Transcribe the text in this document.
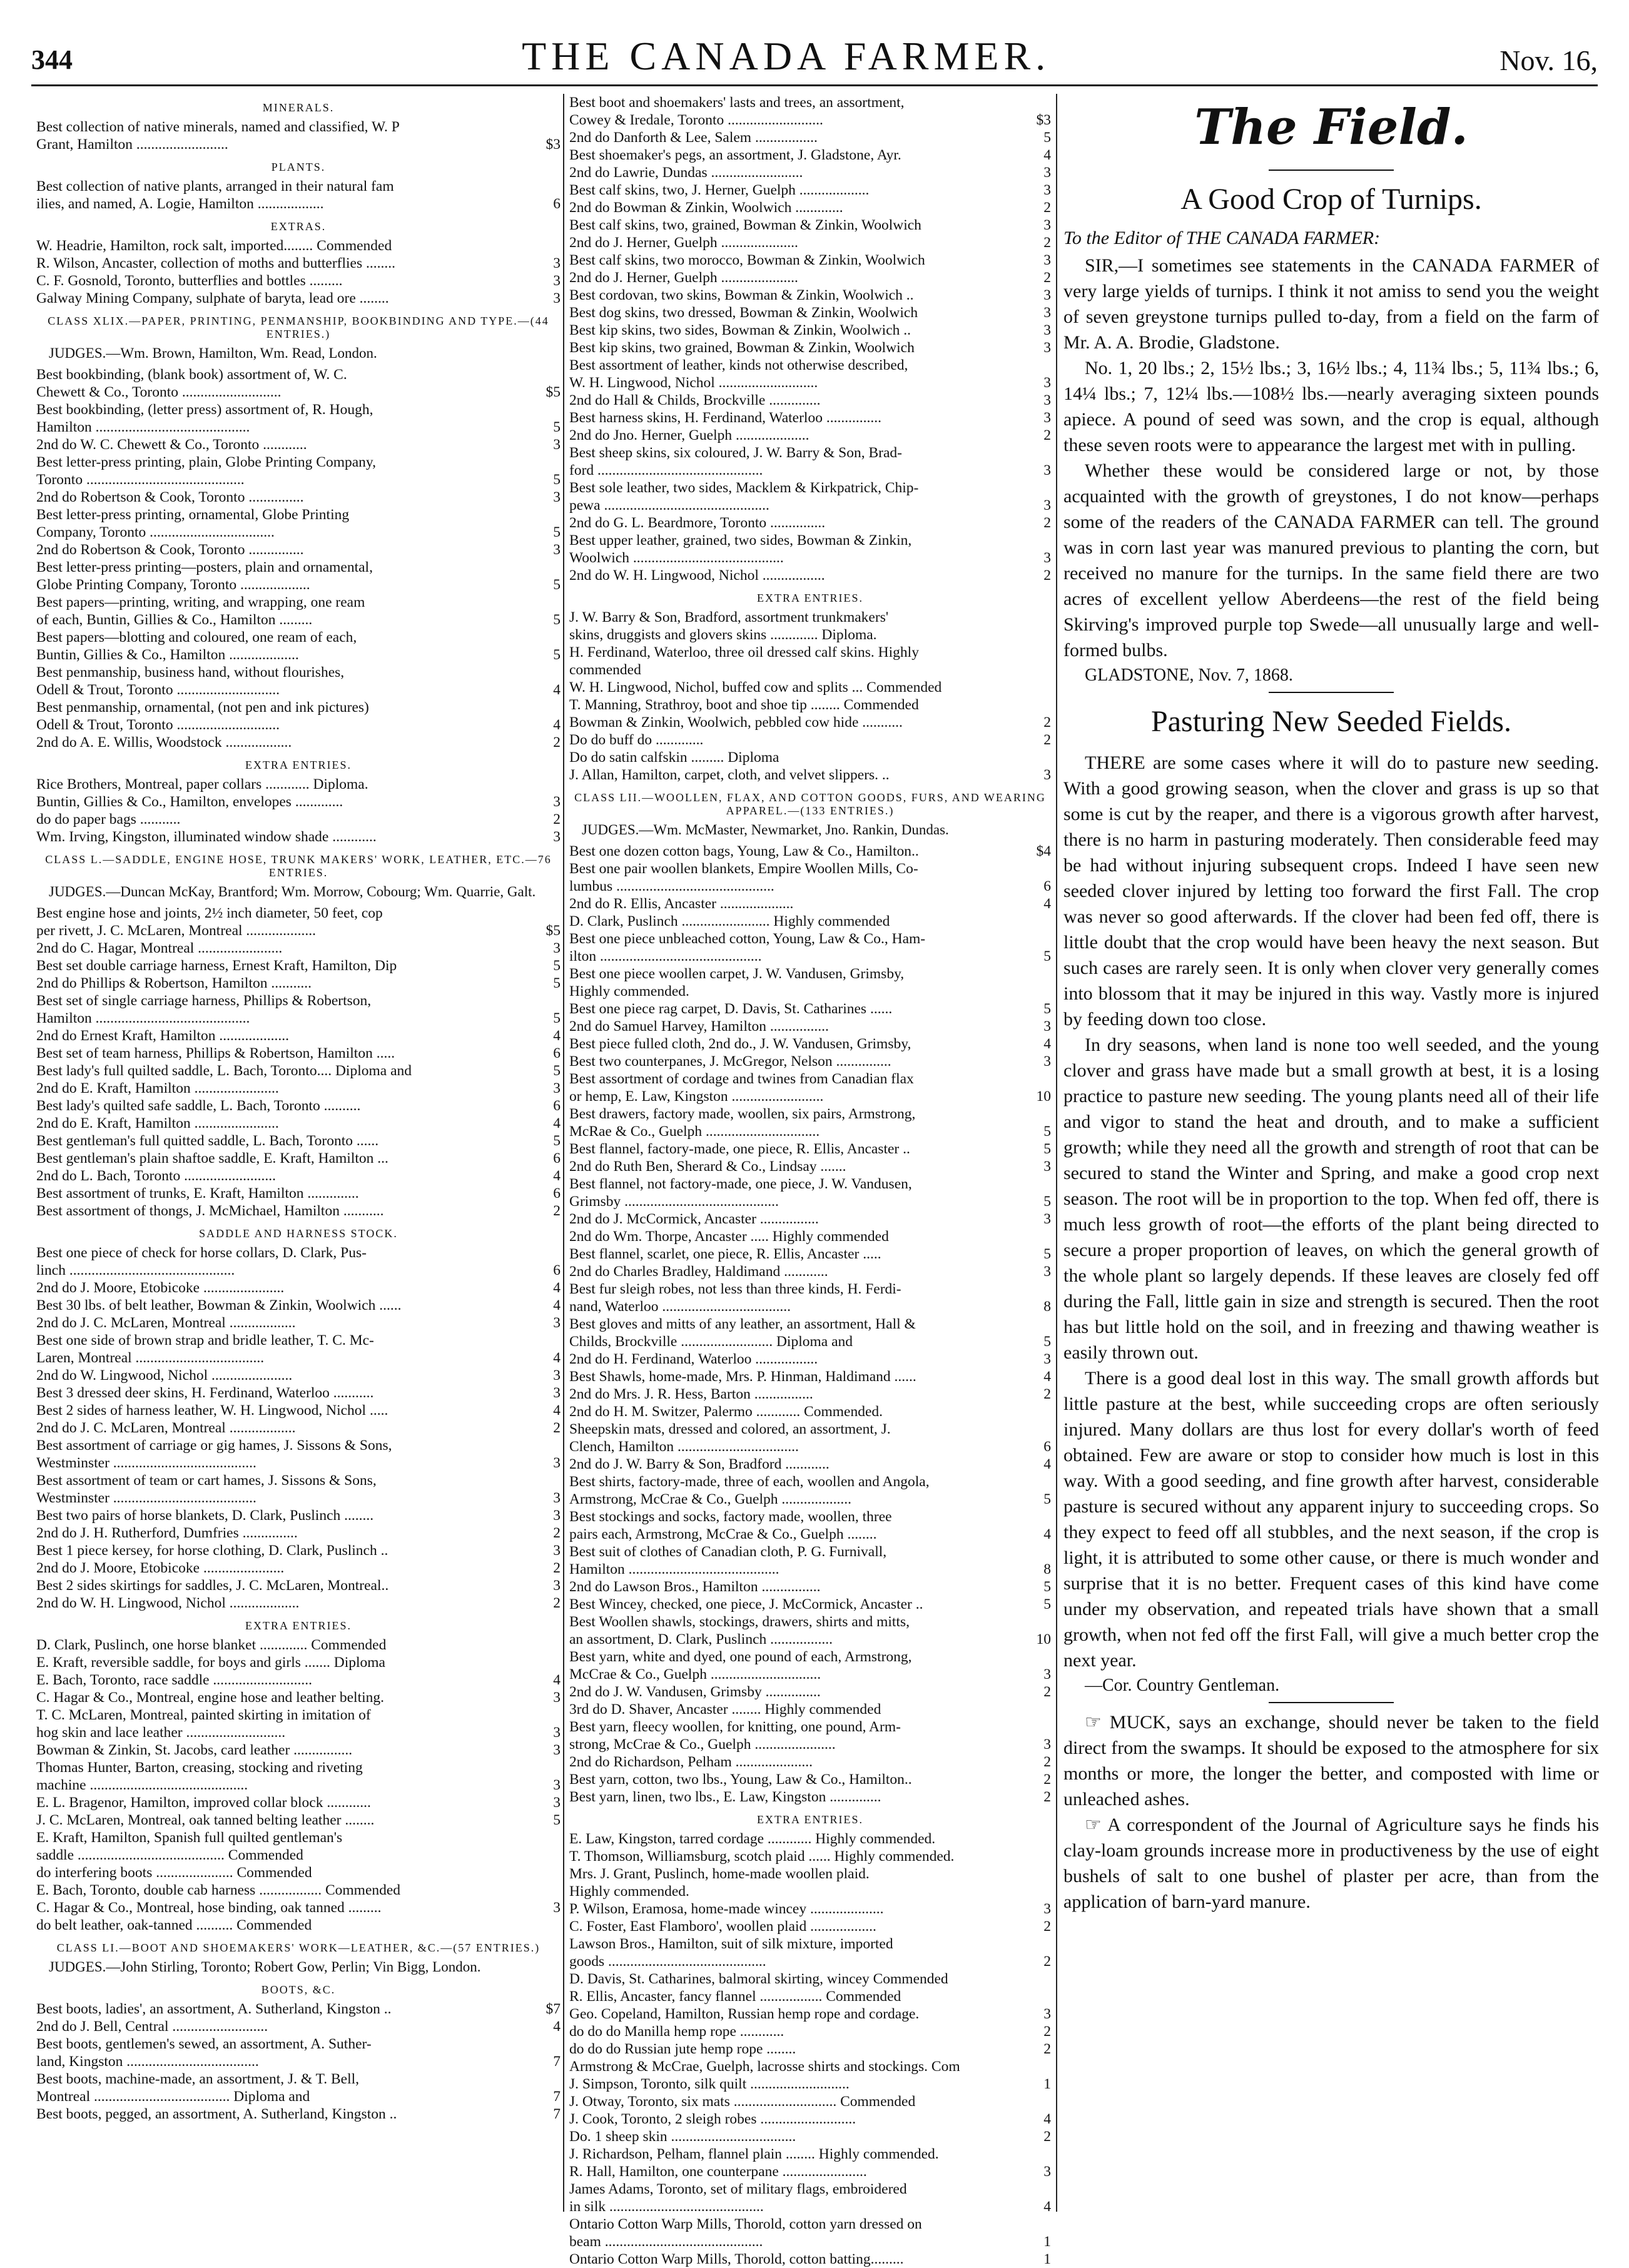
344	THE CANADA FARMER.	Nov. 16,
MINERALS.
Best collection of native minerals, named and classified, W. P
Grant, Hamilton .........................	$3
PLANTS.
Best collection of native plants, arranged in their natural fam
ilies, and named, A. Logie, Hamilton ..................	6
EXTRAS.
W. Headrie, Hamilton, rock salt, imported........ Commended
R. Wilson, Ancaster, collection of moths and butterflies ........	3
C. F. Gosnold, Toronto, butterflies and bottles .........	3
Galway Mining Company, sulphate of baryta, lead ore ........	3
CLASS XLIX.—PAPER, PRINTING, PENMANSHIP, BOOKBINDING AND TYPE.—(44 ENTRIES.)
JUDGES.—Wm. Brown, Hamilton, Wm. Read, London.
Best bookbinding, (blank book) assortment of, W. C.
Chewett & Co., Toronto ...........................	$5
Best bookbinding, (letter press) assortment of, R. Hough,
Hamilton ..........................................	5
2nd do W. C. Chewett & Co., Toronto ............	3
Best letter-press printing, plain, Globe Printing Company,
Toronto ...........................................	5
2nd do Robertson & Cook, Toronto ...............	3
Best letter-press printing, ornamental, Globe Printing
Company, Toronto ..................................	5
2nd do Robertson & Cook, Toronto ...............	3
Best letter-press printing—posters, plain and ornamental,
Globe Printing Company, Toronto ...................	5
Best papers—printing, writing, and wrapping, one ream
of each, Buntin, Gillies & Co., Hamilton .........	5
Best papers—blotting and coloured, one ream of each,
Buntin, Gillies & Co., Hamilton ...................	5
Best penmanship, business hand, without flourishes,
Odell & Trout, Toronto ............................	4
Best penmanship, ornamental, (not pen and ink pictures)
Odell & Trout, Toronto ............................	4
2nd do A. E. Willis, Woodstock ..................	2
EXTRA ENTRIES.
Rice Brothers, Montreal, paper collars ............ Diploma.
Buntin, Gillies & Co., Hamilton, envelopes .............	3
do do paper bags ...........	2
Wm. Irving, Kingston, illuminated window shade ............	3
CLASS L.—SADDLE, ENGINE HOSE, TRUNK MAKERS' WORK, LEATHER, ETC.—76 ENTRIES.
JUDGES.—Duncan McKay, Brantford; Wm. Morrow, Cobourg; Wm. Quarrie, Galt.
Best engine hose and joints, 2½ inch diameter, 50 feet, cop
per rivett, J. C. McLaren, Montreal ...................	$5
2nd do C. Hagar, Montreal .......................	3
Best set double carriage harness, Ernest Kraft, Hamilton, Dip	5
2nd do Phillips & Robertson, Hamilton ...........	5
Best set of single carriage harness, Phillips & Robertson,
Hamilton ..........................................	5
2nd do Ernest Kraft, Hamilton ...................	4
Best set of team harness, Phillips & Robertson, Hamilton .....	6
Best lady's full quilted saddle, L. Bach, Toronto.... Diploma and	5
2nd do E. Kraft, Hamilton .......................	3
Best lady's quilted safe saddle, L. Bach, Toronto ..........	6
2nd do E. Kraft, Hamilton .......................	4
Best gentleman's full quitted saddle, L. Bach, Toronto ......	5
Best gentleman's plain shaftoe saddle, E. Kraft, Hamilton ...	6
2nd do L. Bach, Toronto .........................	4
Best assortment of trunks, E. Kraft, Hamilton ..............	6
Best assortment of thongs, J. McMichael, Hamilton ...........	2
SADDLE AND HARNESS STOCK.
Best one piece of check for horse collars, D. Clark, Pus-
linch .............................................	6
2nd do J. Moore, Etobicoke ......................	4
Best 30 lbs. of belt leather, Bowman & Zinkin, Woolwich ......	4
2nd do J. C. McLaren, Montreal ..................	3
Best one side of brown strap and bridle leather, T. C. Mc-
Laren, Montreal ...................................	4
2nd do W. Lingwood, Nichol ......................	3
Best 3 dressed deer skins, H. Ferdinand, Waterloo ...........	3
Best 2 sides of harness leather, W. H. Lingwood, Nichol .....	4
2nd do J. C. McLaren, Montreal ..................	2
Best assortment of carriage or gig hames, J. Sissons & Sons,
Westminster .......................................	3
Best assortment of team or cart hames, J. Sissons & Sons,
Westminster .......................................	3
Best two pairs of horse blankets, D. Clark, Puslinch ........	3
2nd do J. H. Rutherford, Dumfries ...............	2
Best 1 piece kersey, for horse clothing, D. Clark, Puslinch ..	3
2nd do J. Moore, Etobicoke ......................	2
Best 2 sides skirtings for saddles, J. C. McLaren, Montreal..	3
2nd do W. H. Lingwood, Nichol ...................	2
EXTRA ENTRIES.
D. Clark, Puslinch, one horse blanket ............. Commended
E. Kraft, reversible saddle, for boys and girls ....... Diploma
E. Bach, Toronto, race saddle ...........................	4
C. Hagar & Co., Montreal, engine hose and leather belting.	3
T. C. McLaren, Montreal, painted skirting in imitation of
hog skin and lace leather ...........................	3
Bowman & Zinkin, St. Jacobs, card leather ................	3
Thomas Hunter, Barton, creasing, stocking and riveting
machine ...........................................	3
E. L. Bragenor, Hamilton, improved collar block ............	3
J. C. McLaren, Montreal, oak tanned belting leather ........	5
E. Kraft, Hamilton, Spanish full quilted gentleman's
saddle ........................................ Commended
do interfering boots ..................... Commended
E. Bach, Toronto, double cab harness ................. Commended
C. Hagar & Co., Montreal, hose binding, oak tanned .........	3
do belt leather, oak-tanned .......... Commended
CLASS LI.—BOOT AND SHOEMAKERS' WORK—LEATHER, &C.—(57 ENTRIES.)
JUDGES.—John Stirling, Toronto; Robert Gow, Perlin; Vin Bigg, London.
BOOTS, &C.
Best boots, ladies', an assortment, A. Sutherland, Kingston ..	$7
2nd do J. Bell, Central ..........................	4
Best boots, gentlemen's sewed, an assortment, A. Suther-
land, Kingston ....................................	7
Best boots, machine-made, an assortment, J. & T. Bell,
Montreal ..................................... Diploma and	7
Best boots, pegged, an assortment, A. Sutherland, Kingston ..	7
Best boot and shoemakers' lasts and trees, an assortment,
Cowey & Iredale, Toronto ..........................	$3
2nd do Danforth & Lee, Salem .................	5
Best shoemaker's pegs, an assortment, J. Gladstone, Ayr.	4
2nd do Lawrie, Dundas .........................	3
Best calf skins, two, J. Herner, Guelph ...................	3
2nd do Bowman & Zinkin, Woolwich .............	2
Best calf skins, two, grained, Bowman & Zinkin, Woolwich	3
2nd do J. Herner, Guelph .....................	2
Best calf skins, two morocco, Bowman & Zinkin, Woolwich	3
2nd do J. Herner, Guelph .....................	2
Best cordovan, two skins, Bowman & Zinkin, Woolwich ..	3
Best dog skins, two dressed, Bowman & Zinkin, Woolwich	3
Best kip skins, two sides, Bowman & Zinkin, Woolwich ..	3
Best kip skins, two grained, Bowman & Zinkin, Woolwich	3
Best assortment of leather, kinds not otherwise described,
W. H. Lingwood, Nichol ...........................	3
2nd do Hall & Childs, Brockville ..............	3
Best harness skins, H. Ferdinand, Waterloo ...............	3
2nd do Jno. Herner, Guelph ....................	2
Best sheep skins, six coloured, J. W. Barry & Son, Brad-
ford .............................................	3
Best sole leather, two sides, Macklem & Kirkpatrick, Chip-
pewa .............................................	3
2nd do G. L. Beardmore, Toronto ...............	2
Best upper leather, grained, two sides, Bowman & Zinkin,
Woolwich .........................................	3
2nd do W. H. Lingwood, Nichol .................	2
EXTRA ENTRIES.
J. W. Barry & Son, Bradford, assortment trunkmakers'
skins, druggists and glovers skins ............. Diploma.
H. Ferdinand, Waterloo, three oil dressed calf skins. Highly
commended
W. H. Lingwood, Nichol, buffed cow and splits ... Commended
T. Manning, Strathroy, boot and shoe tip ........ Commended
Bowman & Zinkin, Woolwich, pebbled cow hide ...........	2
Do do buff do .............	2
Do do satin calfskin ......... Diploma
J. Allan, Hamilton, carpet, cloth, and velvet slippers. ..	3
CLASS LII.—WOOLLEN, FLAX, AND COTTON GOODS, FURS, AND WEARING APPAREL.—(133 ENTRIES.)
JUDGES.—Wm. McMaster, Newmarket, Jno. Rankin, Dundas.
Best one dozen cotton bags, Young, Law & Co., Hamilton..	$4
Best one pair woollen blankets, Empire Woollen Mills, Co-
lumbus ...........................................	6
2nd do R. Ellis, Ancaster ....................	4
D. Clark, Puslinch ........................ Highly commended
Best one piece unbleached cotton, Young, Law & Co., Ham-
ilton ............................................	5
Best one piece woollen carpet, J. W. Vandusen, Grimsby,
Highly commended.
Best one piece rag carpet, D. Davis, St. Catharines ......	5
2nd do Samuel Harvey, Hamilton ................	3
Best piece fulled cloth, 2nd do., J. W. Vandusen, Grimsby,	4
Best two counterpanes, J. McGregor, Nelson ...............	3
Best assortment of cordage and twines from Canadian flax
or hemp, E. Law, Kingston .........................	10
Best drawers, factory made, woollen, six pairs, Armstrong,
McRae & Co., Guelph ...............................	5
Best flannel, factory-made, one piece, R. Ellis, Ancaster ..	5
2nd do Ruth Ben, Sherard & Co., Lindsay .......	3
Best flannel, not factory-made, one piece, J. W. Vandusen,
Grimsby ..........................................	5
2nd do J. McCormick, Ancaster ................	3
2nd do Wm. Thorpe, Ancaster ..... Highly commended
Best flannel, scarlet, one piece, R. Ellis, Ancaster .....	5
2nd do Charles Bradley, Haldimand ............	3
Best fur sleigh robes, not less than three kinds, H. Ferdi-
nand, Waterloo ...................................	8
Best gloves and mitts of any leather, an assortment, Hall &
Childs, Brockville ......................... Diploma and	5
2nd do H. Ferdinand, Waterloo .................	3
Best Shawls, home-made, Mrs. P. Hinman, Haldimand ......	4
2nd do Mrs. J. R. Hess, Barton ................	2
2nd do H. M. Switzer, Palermo ............ Commended.
Sheepskin mats, dressed and colored, an assortment, J.
Clench, Hamilton .................................	6
2nd do J. W. Barry & Son, Bradford ............	4
Best shirts, factory-made, three of each, woollen and Angola,
Armstrong, McCrae & Co., Guelph ...................	5
Best stockings and socks, factory made, woollen, three
pairs each, Armstrong, McCrae & Co., Guelph ........	4
Best suit of clothes of Canadian cloth, P. G. Furnivall,
Hamilton .........................................	8
2nd do Lawson Bros., Hamilton ................	5
Best Wincey, checked, one piece, J. McCormick, Ancaster ..	5
Best Woollen shawls, stockings, drawers, shirts and mitts,
an assortment, D. Clark, Puslinch .................	10
Best yarn, white and dyed, one pound of each, Armstrong,
McCrae & Co., Guelph ..............................	3
2nd do J. W. Vandusen, Grimsby ...............	2
3rd do D. Shaver, Ancaster ........ Highly commended
Best yarn, fleecy woollen, for knitting, one pound, Arm-
strong, McCrae & Co., Guelph ......................	3
2nd do Richardson, Pelham .....................	2
Best yarn, cotton, two lbs., Young, Law & Co., Hamilton..	2
Best yarn, linen, two lbs., E. Law, Kingston ..............	2
EXTRA ENTRIES.
E. Law, Kingston, tarred cordage ............ Highly commended.
T. Thomson, Williamsburg, scotch plaid ...... Highly commended.
Mrs. J. Grant, Puslinch, home-made woollen plaid.
Highly commended.
P. Wilson, Eramosa, home-made wincey ....................	3
C. Foster, East Flamboro', woollen plaid ..................	2
Lawson Bros., Hamilton, suit of silk mixture, imported
goods ...........................................	2
D. Davis, St. Catharines, balmoral skirting, wincey Commended
R. Ellis, Ancaster, fancy flannel ................. Commended
Geo. Copeland, Hamilton, Russian hemp rope and cordage.	3
do do do Manilla hemp rope ............	2
do do do Russian jute hemp rope ........	2
Armstrong & McCrae, Guelph, lacrosse shirts and stockings. Com
J. Simpson, Toronto, silk quilt ...........................	1
J. Otway, Toronto, six mats ............................ Commended
J. Cook, Toronto, 2 sleigh robes ..........................	4
Do. 1 sheep skin ..................................	2
J. Richardson, Pelham, flannel plain ........ Highly commended.
R. Hall, Hamilton, one counterpane .......................	3
James Adams, Toronto, set of military flags, embroidered
in silk ..........................................	4
Ontario Cotton Warp Mills, Thorold, cotton yarn dressed on
beam ...........................................	1
Ontario Cotton Warp Mills, Thorold, cotton batting.........	1
The Field.
A Good Crop of Turnips.
To the Editor of THE CANADA FARMER:

SIR,—I sometimes see statements in the CANADA FARMER of very large yields of turnips. I think it not amiss to send you the weight of seven greystone turnips pulled to-day, from a field on the farm of Mr. A. A. Brodie, Gladstone.

No. 1, 20 lbs.; 2, 15½ lbs.; 3, 16½ lbs.; 4, 11¾ lbs.; 5, 11¾ lbs.; 6, 14¼ lbs.; 7, 12¼ lbs.—108½ lbs.—nearly averaging sixteen pounds apiece. A pound of seed was sown, and the crop is equal, although these seven roots were to appearance the largest met with in pulling.

Whether these would be considered large or not, by those acquainted with the growth of greystones, I do not know—perhaps some of the readers of the CANADA FARMER can tell. The ground was in corn last year was manured previous to planting the corn, but received no manure for the turnips. In the same field there are two acres of excellent yellow Aberdeens—the rest of the field being Skirving's improved purple top Swede—all unusually large and well-formed bulbs.

GLADSTONE, Nov. 7, 1868.
Pasturing New Seeded Fields.

THERE are some cases where it will do to pasture new seeding. With a good growing season, when the clover and grass is up so that some is cut by the reaper, and there is a vigorous growth after harvest, there is no harm in pasturing moderately. Then considerable feed may be had without injuring subsequent crops. Indeed I have seen new seeded clover injured by letting too forward the first Fall. The crop was never so good afterwards. If the clover had been fed off, there is little doubt that the crop would have been heavy the next season. But such cases are rarely seen. It is only when clover very generally comes into blossom that it may be injured in this way. Vastly more is injured by feeding down too close.

In dry seasons, when land is none too well seeded, and the young clover and grass have made but a small growth at best, it is a losing practice to pasture new seeding. The young plants need all of their life and vigor to stand the heat and drouth, and to make a sufficient growth; while they need all the growth and strength of root that can be secured to stand the Winter and Spring, and make a good crop next season. The root will be in proportion to the top. When fed off, there is much less growth of root—the efforts of the plant being directed to secure a proper proportion of leaves, on which the general growth of the whole plant so largely depends. If these leaves are closely fed off during the Fall, little gain in size and strength is secured. Then the root has but little hold on the soil, and in freezing and thawing weather is easily thrown out.

There is a good deal lost in this way. The small growth affords but little pasture at the best, while succeeding crops are often seriously injured. Many dollars are thus lost for every dollar's worth of feed obtained. Few are aware or stop to consider how much is lost in this way. With a good seeding, and fine growth after harvest, considerable pasture is secured without any apparent injury to succeeding crops. So they expect to feed off all stubbles, and the next season, if the crop is light, it is attributed to some other cause, or there is much wonder and surprise that it is no better. Frequent cases of this kind have come under my observation, and repeated trials have shown that a small growth, when not fed off the first Fall, will give a much better crop the next year.

—Cor. Country Gentleman.

☞ MUCK, says an exchange, should never be taken to the field direct from the swamps. It should be exposed to the atmosphere for six months or more, the longer the better, and composted with lime or unleached ashes.

☞ A correspondent of the Journal of Agriculture says he finds his clay-loam grounds increase more in productiveness by the use of eight bushels of salt to one bushel of plaster per acre, than from the application of barn-yard manure.
